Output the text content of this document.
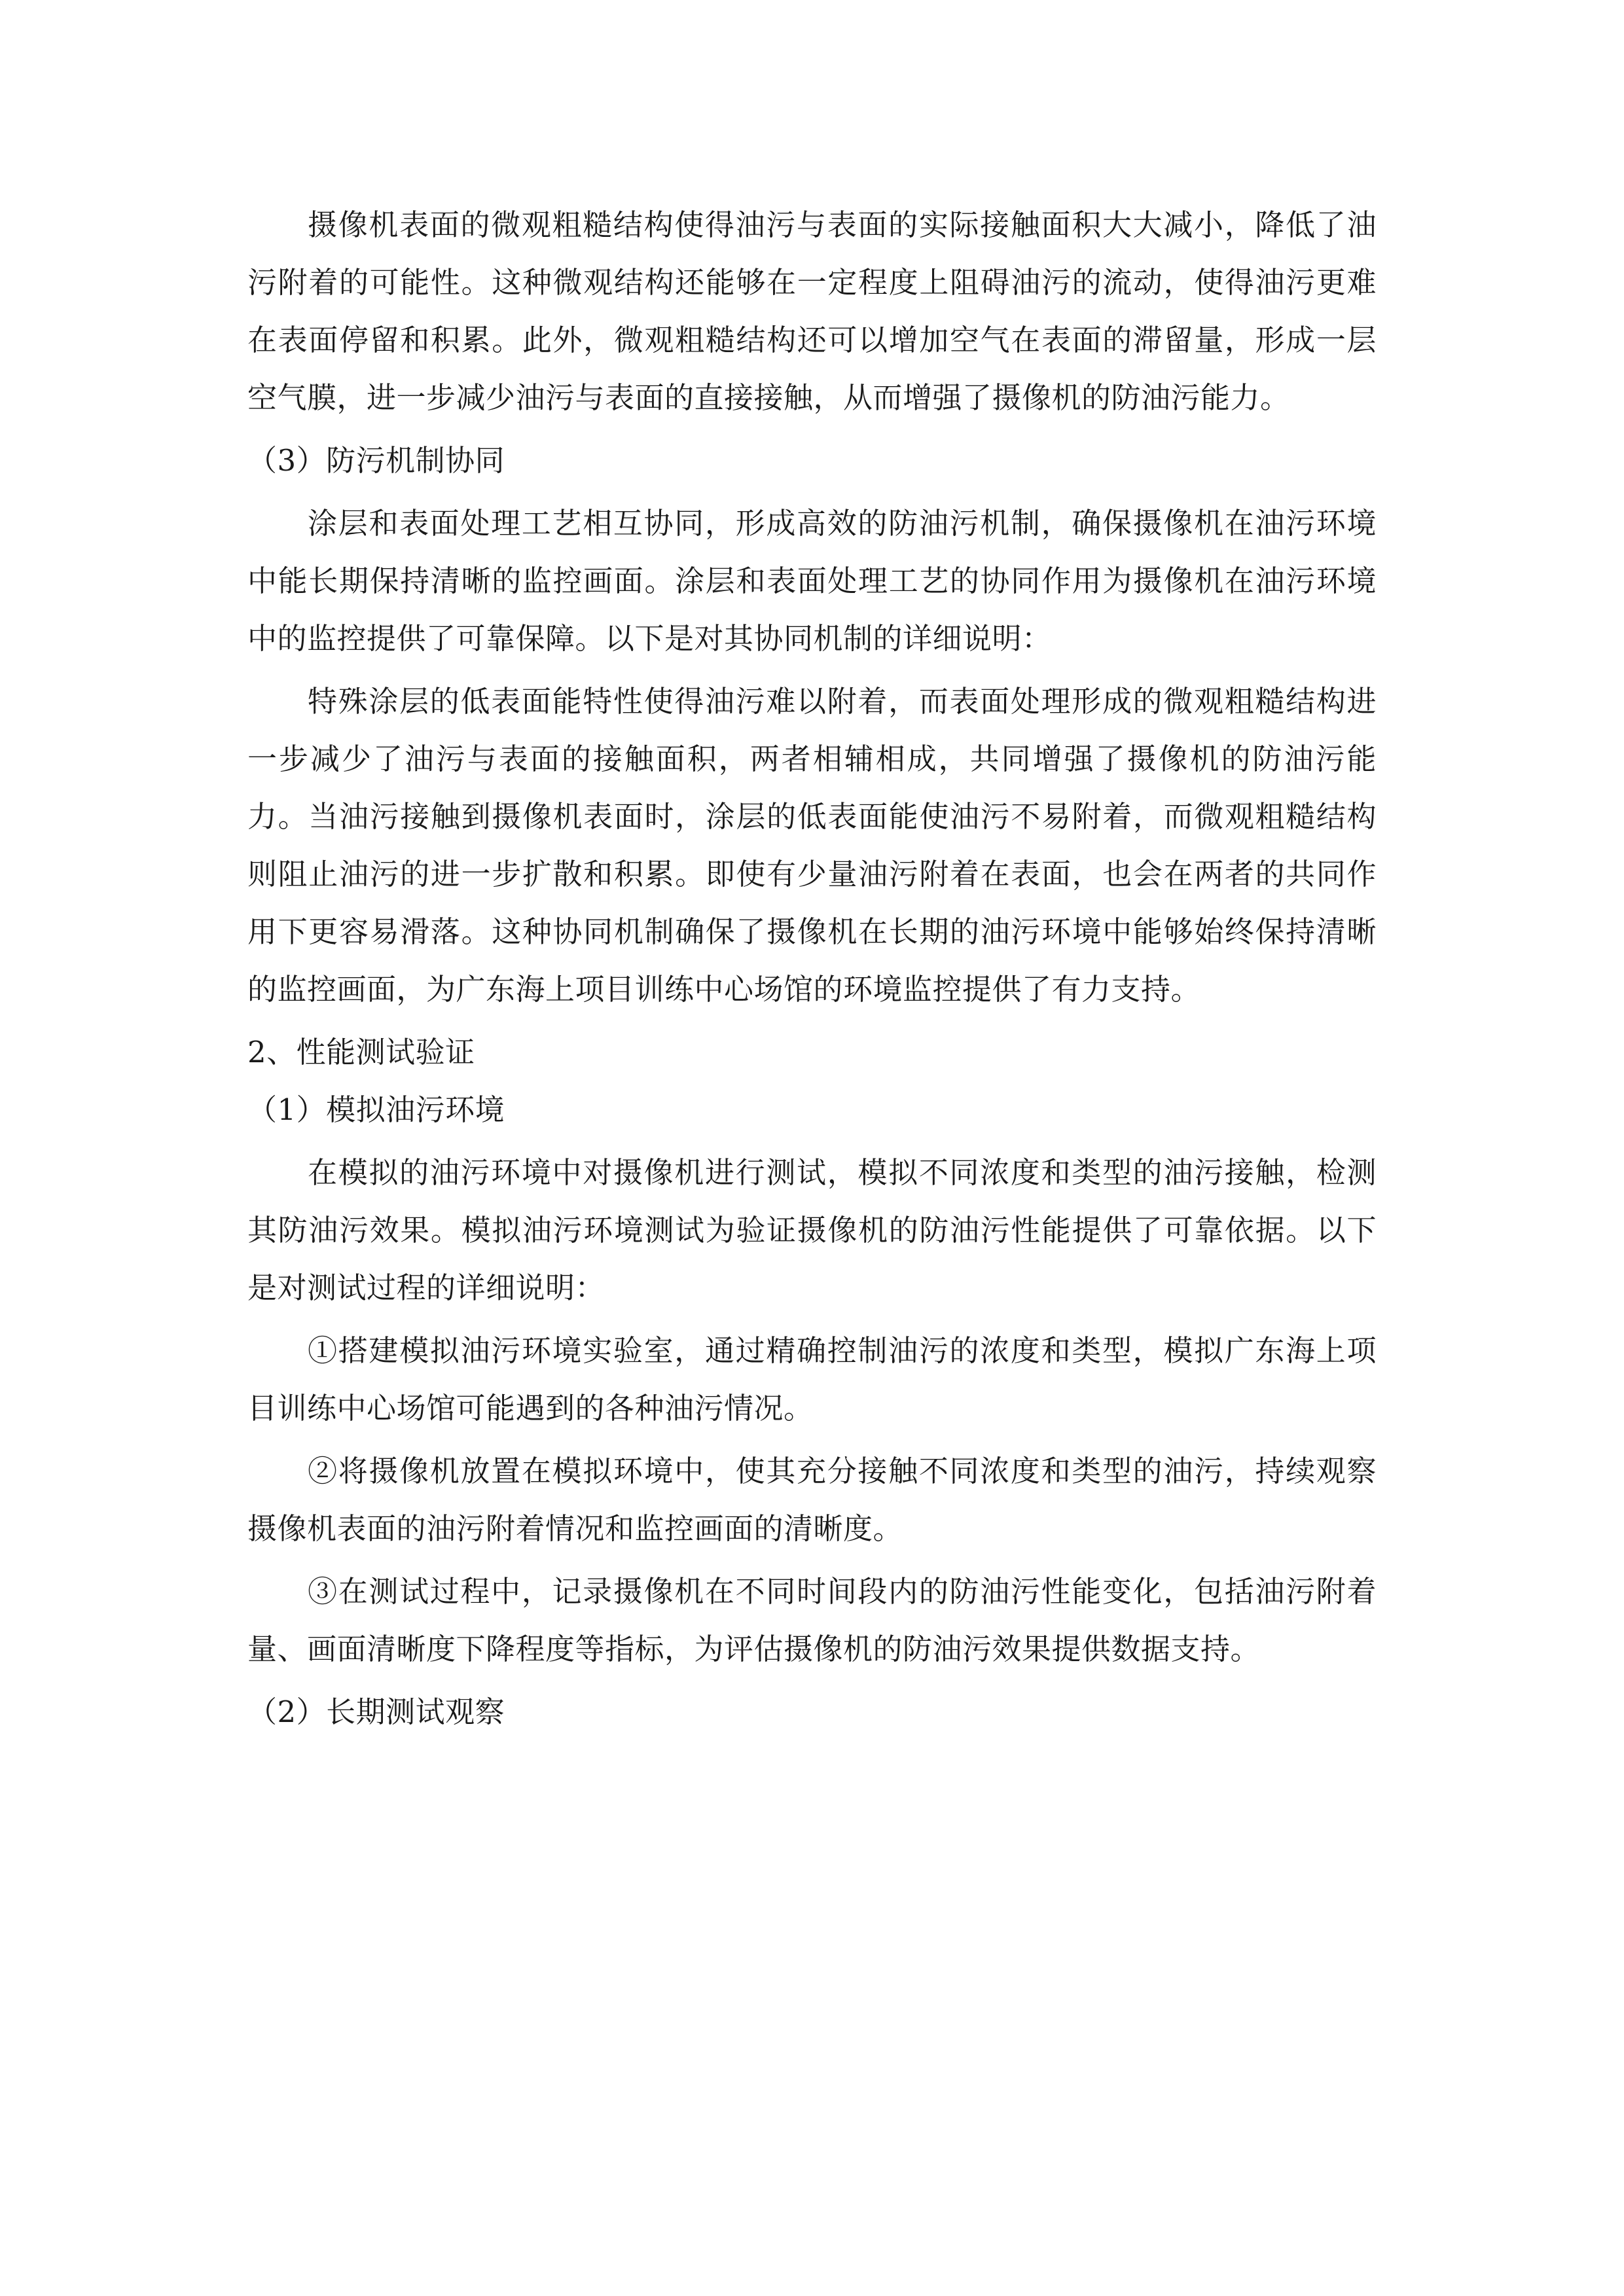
摄像机表面的微观粗糙结构使得油污与表面的实际接触面积大大减小，降低了油污附着的可能性。这种微观结构还能够在一定程度上阻碍油污的流动，使得油污更难在表面停留和积累。此外，微观粗糙结构还可以增加空气在表面的滞留量，形成一层空气膜，进一步减少油污与表面的直接接触，从而增强了摄像机的防油污能力。

（3）防污机制协同

涂层和表面处理工艺相互协同，形成高效的防油污机制，确保摄像机在油污环境中能长期保持清晰的监控画面。涂层和表面处理工艺的协同作用为摄像机在油污环境中的监控提供了可靠保障。以下是对其协同机制的详细说明：

特殊涂层的低表面能特性使得油污难以附着，而表面处理形成的微观粗糙结构进一步减少了油污与表面的接触面积，两者相辅相成，共同增强了摄像机的防油污能力。当油污接触到摄像机表面时，涂层的低表面能使油污不易附着，而微观粗糙结构则阻止油污的进一步扩散和积累。即使有少量油污附着在表面，也会在两者的共同作用下更容易滑落。这种协同机制确保了摄像机在长期的油污环境中能够始终保持清晰的监控画面，为广东海上项目训练中心场馆的环境监控提供了有力支持。

2、性能测试验证

（1）模拟油污环境

在模拟的油污环境中对摄像机进行测试，模拟不同浓度和类型的油污接触，检测其防油污效果。模拟油污环境测试为验证摄像机的防油污性能提供了可靠依据。以下是对测试过程的详细说明：

①搭建模拟油污环境实验室，通过精确控制油污的浓度和类型，模拟广东海上项目训练中心场馆可能遇到的各种油污情况。

②将摄像机放置在模拟环境中，使其充分接触不同浓度和类型的油污，持续观察摄像机表面的油污附着情况和监控画面的清晰度。

③在测试过程中，记录摄像机在不同时间段内的防油污性能变化，包括油污附着量、画面清晰度下降程度等指标，为评估摄像机的防油污效果提供数据支持。

（2）长期测试观察
